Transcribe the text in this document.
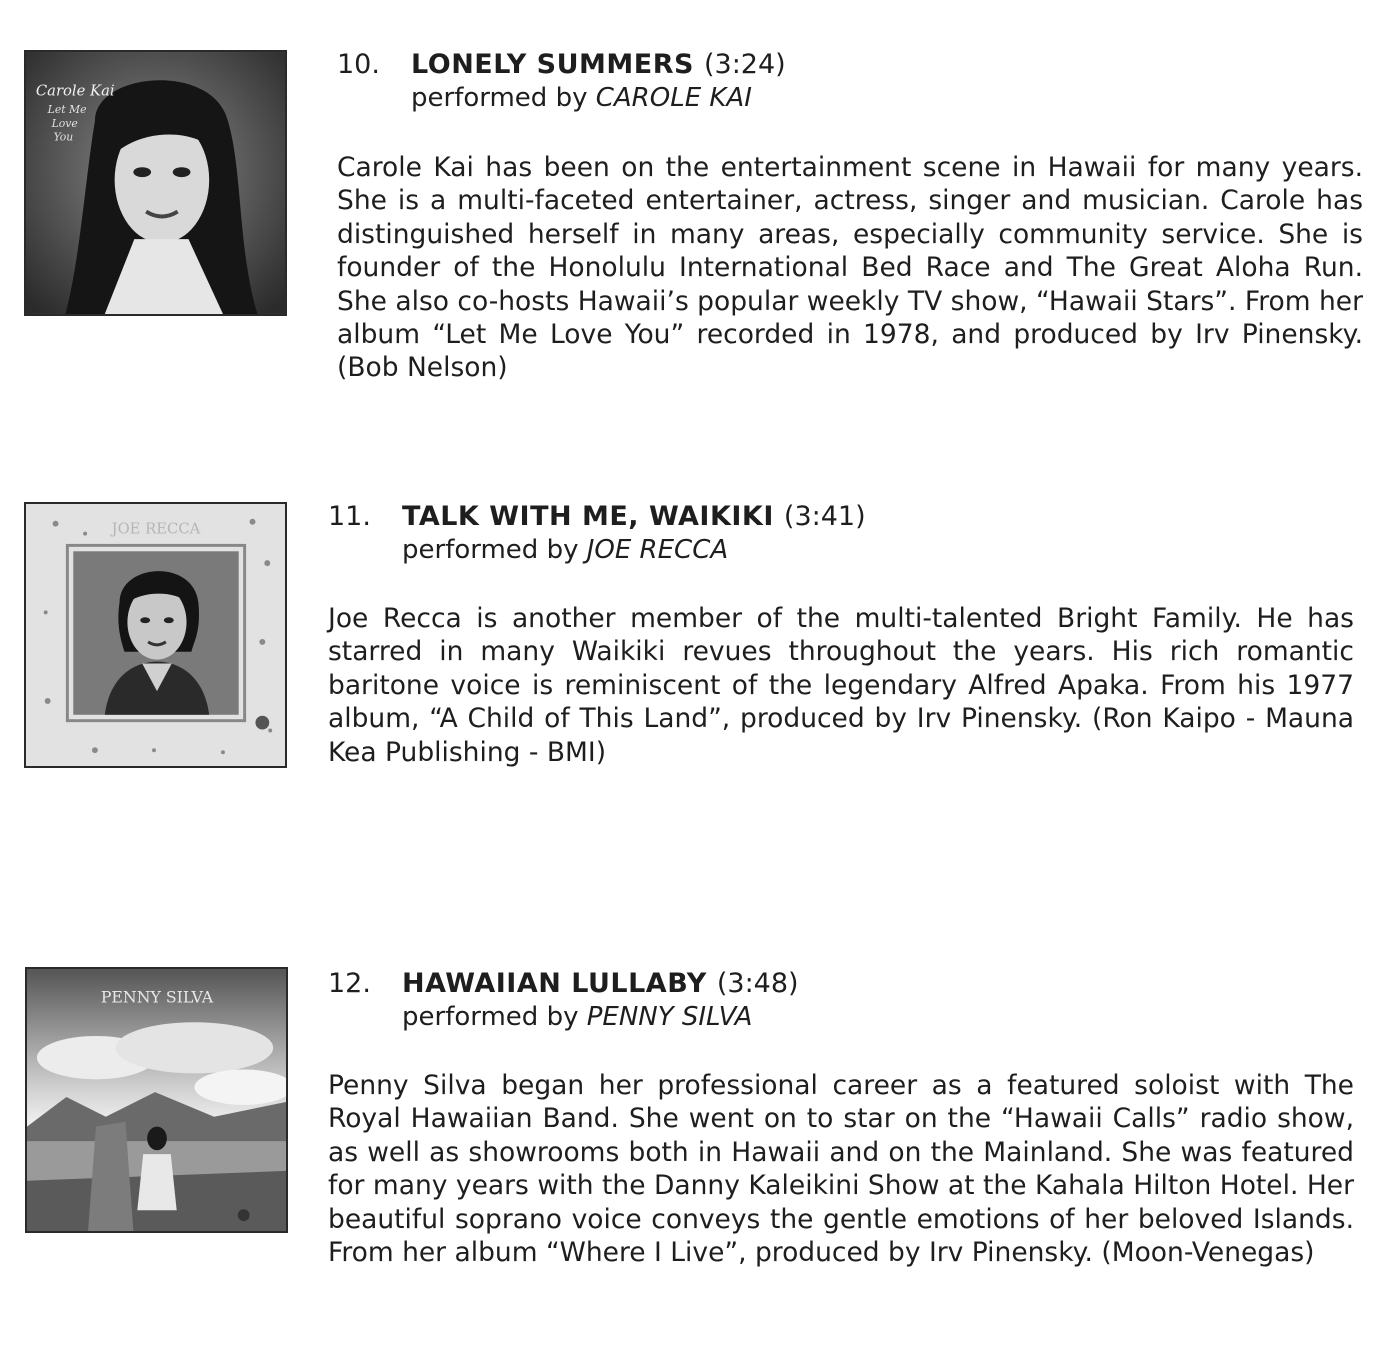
Carole Kai
Let Me
Love
You
10. LONELY SUMMERS (3:24)
performed by CAROLE KAI
Carole Kai has been on the entertainment scene in Hawaii for many years. She is a multi-faceted entertainer, actress, singer and musician. Carole has distinguished herself in many areas, especially community service. She is founder of the Honolulu International Bed Race and The Great Aloha Run. She also co-hosts Hawaii’s popular weekly TV show, “Hawaii Stars”. From her album “Let Me Love You” recorded in 1978, and produced by Irv Pinensky. (Bob Nelson)
JOE RECCA	11. TALK WITH ME, WAIKIKI (3:41)
performed by JOE RECCA
Joe Recca is another member of the multi-talented Bright Family. He has starred in many Waikiki revues throughout the years. His rich romantic baritone voice is reminiscent of the legendary Alfred Apaka. From his 1977 album, “A Child of This Land”, produced by Irv Pinensky. (Ron Kaipo - Mauna Kea Publishing - BMI)
PENNY SILVA	12. HAWAIIAN LULLABY (3:48)
performed by PENNY SILVA
Penny Silva began her professional career as a featured soloist with The Royal Hawaiian Band. She went on to star on the “Hawaii Calls” radio show, as well as showrooms both in Hawaii and on the Mainland. She was featured for many years with the Danny Kaleikini Show at the Kahala Hilton Hotel. Her beautiful soprano voice conveys the gentle emotions of her beloved Islands. From her album “Where I Live”, produced by Irv Pinensky. (Moon-Venegas)
